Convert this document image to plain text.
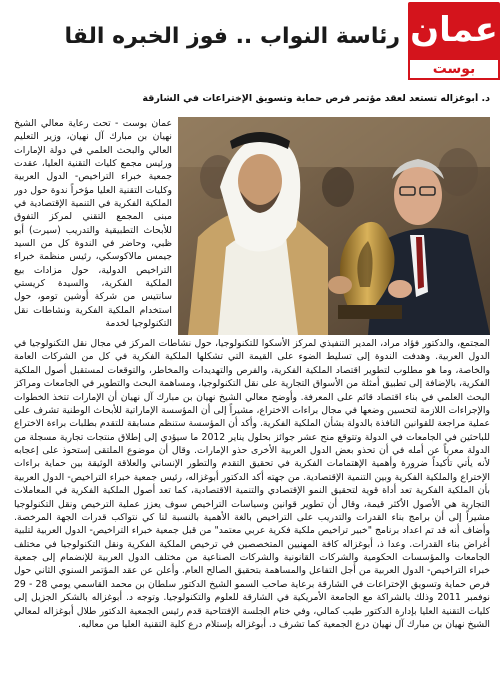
رئاسة النواب .. فوز الخبره القا عمان
بوست
د. أبوغزاله تستعد لعقد مؤتمر فرص حماية وتسويق الإختراعات في الشارقة

عمان بوست - تحت رعاية معالي الشيخ نهيان بن مبارك آل نهيان، وزير التعليم العالي والبحث العلمي في دولة الإمارات ورئيس مجمع كليات التقنية العليا، عقدت جمعية خبراء التراخيص- الدول العربية وكليات التقنية العليا مؤخراً ندوة حول دور الملكية الفكرية في التنمية الإقتصادية في مبنى المجمع التقني لمركز التفوق للأبحاث التطبيقية والتدريب (سيرت) أبو ظبي، وحاضر في الندوة كل من السيد جيمس مالاكوسكي، رئيس منظمة خبراء التراخيص الدولية، حول مزادات بيع الملكية الفكرية، والسيدة كريستي سانتيس من شركة أوشين تومو، حول استخدام الملكية الفكرية ونشاطات نقل التكنولوجيا لخدمة

المجتمع، والدكتور فؤاد مراد، المدير التنفيذي لمركز الأسكوا للتكنولوجيا، حول نشاطات المركز في مجال نقل التكنولوجيا في الدول العربية. وهدفت الندوة إلى تسليط الضوء على القيمة التي تشكلها الملكية الفكرية في كل من الشركات العامة والخاصة، وما هو مطلوب لتطوير اقتصاد الملكية الفكرية، والفرص والتهديدات والمخاطر، والتوقعات لمستقبل أصول الملكية الفكرية، بالإضافة إلى تطبيق أمثلة من الأسواق التجارية على نقل التكنولوجيا، ومساهمة البحث والتطوير في الجامعات ومراكز البحث العلمي في بناء اقتصاد قائم على المعرفة. وأوضح معالي الشيخ نهيان بن مبارك آل نهيان أن الإمارات تتخذ الخطوات والإجراءات اللازمة لتحسين وضعها في مجال براءات الاختراع، مشيراً إلى أن المؤسسة الإماراتية للأبحاث الوطنية تشرف على عملية مراجعة للقوانين النافذة بالدولة بشأن الملكية الفكرية. وأكد أن المؤسسة ستنظم مسابقة للتقدم بطلبات براءة الاختراع للباحثين في الجامعات في الدولة وتتوقع منح عشر جوائز بحلول يناير 2012 ما سيؤدي إلى إطلاق منتجات تجارية مسجلة من الدولة معرباً عن أمله في أن تحذو بعض الدول العربية الأخرى حذو الإمارات. وقال أن موضوع الملتقى إستحوذ على إعجابه لأنه يأتي تأكيداً ضرورة وأهمية الإهتمامات الفكرية في تحقيق التقدم والتطور الإنساني والعلاقة الوثيقة بين حماية براءات الإختراع والملكية الفكرية وبين التنمية الإقتصادية. من جهته أكد الدكتور أبوغزاله، رئيس جمعية خبراء التراخيص- الدول العربية بأن الملكية الفكرية تعد أداة قوية لتحقيق النمو الإقتصادي والتنمية الاقتصادية، كما تعد أصول الملكية الفكرية في المعاملات التجارية هي الأصول الأكثر قيمة، وقال أن تطوير قوانين وسياسات التراخيص سوف يعزز عملية الترخيص ونقل التكنولوجيا مشيراً إلى أن برامج بناء القدرات والتدريب على التراخيص بالغة الأهمية بالنسبة لنا كي نتواكب قدرات الجهة المرخصة. وأضاف أنه قد تم اعداد برنامج "خبير تراخيص ملكية فكرية عربي معتمد" من قبل جمعية خبراء التراخيص- الدول العربية لتلبية أغراض بناء القدرات. وعدا ذ، أبوغزاله كافة المهنيين المتخصصين في ترخيص الملكية الفكرية ونقل التكنولوجيا في مختلف الجامعات والمؤسسات الحكومية والشركات القانونية والشركات الصناعية من مختلف الدول العربية للإنضمام إلى جمعية خبراء التراخيص- الدول العربية من أجل التفاعل والمساهمة بتحقيق الصالح العام. وأعلن عن عقد المؤتمر السنوي الثاني حول فرص حماية وتسويق الإختراعات في الشارقة برعاية صاحب السمو الشيخ الدكتور سلطان بن محمد القاسمي يومي 28 - 29 نوفمبر 2011 وذلك بالشراكة مع الجامعة الأمريكية في الشارقة للعلوم والتكنولوجيا. وتوجه د. أبوغزاله بالشكر الجزيل إلى كليات التقنية العليا بإدارة الدكتور طيب كمالي، وفي ختام الجلسة الإفتتاحية قدم رئيس الجمعية الدكتور طلال أبوغزاله لمعالي الشيخ نهيان بن مبارك آل نهيان درع الجمعية كما تشرف د. أبوغزاله بإستلام درع كلية التقنية العليا من معاليه.
